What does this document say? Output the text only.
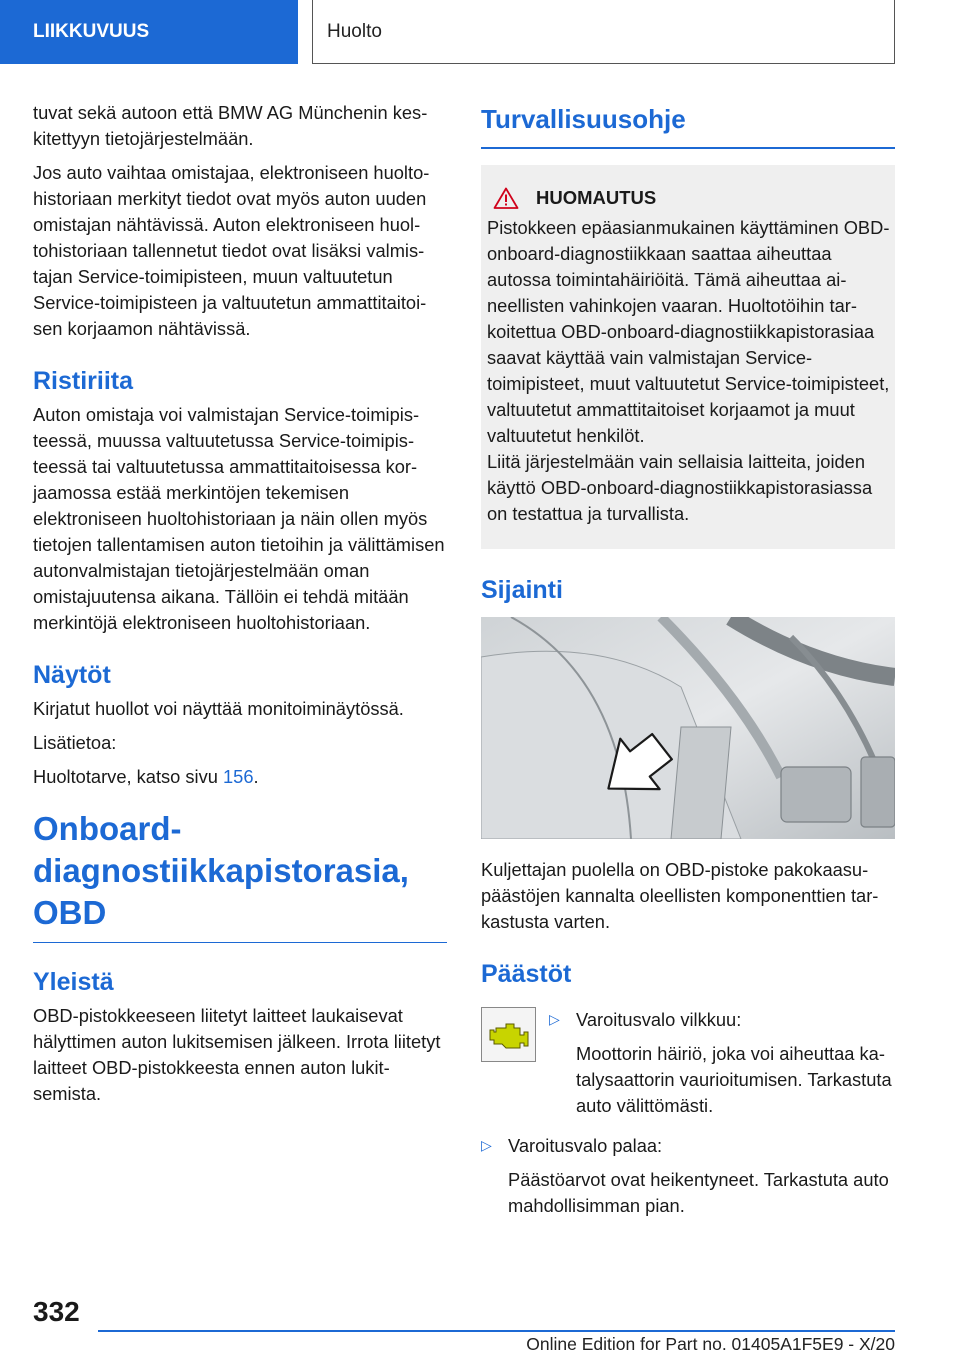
LIIKKUVUUS	Huolto

tuvat sekä autoon että BMW AG Münchenin keskitettyyn tietojärjestelmään.

Jos auto vaihtaa omistajaa, elektroniseen huoltohistoriaan merkityt tiedot ovat myös auton uuden omistajan nähtävissä. Auton elektroniseen huoltohistoriaan tallennetut tiedot ovat lisäksi valmistajan Service-toimipisteen, muun valtuutetun Service-toimipisteen ja valtuutetun ammattitaitoisen korjaamon nähtävissä.

Ristiriita

Auton omistaja voi valmistajan Service-toimipisteessä, muussa valtuutetussa Service-toimipisteessä tai valtuutetussa ammattitaitoisessa korjaamossa estää merkintöjen tekemisen elektroniseen huoltohistoriaan ja näin ollen myös tietojen tallentamisen auton tietoihin ja välittämisen autonvalmistajan tietojärjestelmään oman omistajuutensa aikana. Tällöin ei tehdä mitään merkintöjä elektroniseen huoltohistoriaan.

Näytöt

Kirjatut huollot voi näyttää monitoiminäytössä.

Lisätietoa:

Huoltotarve, katso sivu 156.

Onboard-diagnostiikkapistorasia, OBD
Yleistä

OBD-pistokkeeseen liitetyt laitteet laukaisevat hälyttimen auton lukitsemisen jälkeen. Irrota liitetyt laitteet OBD-pistokkeesta ennen auton lukitsemista.

Turvallisuusohje
HUOMAUTUS

Pistokkeen epäasianmukainen käyttäminen OBD-onboard-diagnostiikkaan saattaa aiheuttaa autossa toimintahäiriöitä. Tämä aiheuttaa aineellisten vahinkojen vaaran. Huoltotöihin tarkoitettua OBD-onboard-diagnostiikkapistorasiaa saavat käyttää vain valmistajan Service-toimipisteet, muut valtuutetut Service-toimipisteet, valtuutetut ammattitaitoiset korjaamot ja muut valtuutetut henkilöt.

Liitä järjestelmään vain sellaisia laitteita, joiden käyttö OBD-onboard-diagnostiikkapistorasiassa on testattua ja turvallista.

Sijainti

Kuljettajan puolella on OBD-pistoke pakokaasupäästöjen kannalta oleellisten komponenttien tarkastusta varten.

Päästöt
▷ Varoitusvalo vilkkuu:

Moottorin häiriö, joka voi aiheuttaa katalysaattorin vaurioitumisen. Tarkastuta auto välittömästi.

▷ Varoitusvalo palaa:

Päästöarvot ovat heikentyneet. Tarkastuta auto mahdollisimman pian.

332
Online Edition for Part no. 01405A1F5E9 - X/20
